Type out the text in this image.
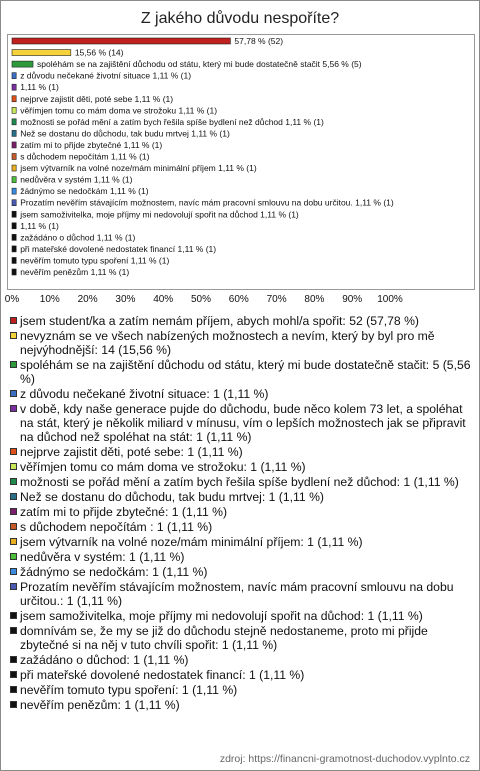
Z jakého důvodu nespoříte?
57,78 % (52)
15,56 % (14)
spoléhám se na zajištění důchodu od státu, který mi bude dostatečně stačit 5,56 % (5)
z důvodu nečekané životní situace 1,11 % (1)
1,11 % (1)
nejprve zajistit děti, poté sebe 1,11 % (1)
věřímjen tomu co mám doma ve strožoku 1,11 % (1)
možnosti se pořád mění a zatím bych řešila spíše bydlení než důchod 1,11 % (1)
Než se dostanu do důchodu, tak budu mrtvej 1,11 % (1)
zatím mi to přijde zbytečné 1,11 % (1)
s důchodem nepočítám 1,11 % (1)
jsem výtvarník na volné noze/mám minimální příjem 1,11 % (1)
nedůvěra v systém 1,11 % (1)
žádnýmo se nedočkám 1,11 % (1)
Prozatím nevěřím stávajícím možnostem, navíc mám pracovní smlouvu na dobu určitou. 1,11 % (1)
jsem samoživitelka, moje příjmy mi nedovolují spořit na důchod 1,11 % (1)
1,11 % (1)
zažádáno o důchod 1,11 % (1)
při mateřské dovolené nedostatek financí 1,11 % (1)
nevěřím tomuto typu spoření 1,11 % (1)
nevěřím penězům 1,11 % (1)
0% 10% 20% 30% 40% 50% 60% 70% 80% 90% 100%
jsem student/ka a zatím nemám příjem, abych mohl/a spořit: 52 (57,78 %)
nevyznám se ve všech nabízených možnostech a nevím, který by byl pro mě nejvýhodnější: 14 (15,56 %)
spoléhám se na zajištění důchodu od státu, který mi bude dostatečně stačit: 5 (5,56 %)
z důvodu nečekané životní situace: 1 (1,11 %)
v době, kdy naše generace pujde do důchodu, bude něco kolem 73 let, a spoléhat na stát, který je několik miliard v mínusu, vím o lepších možnostech jak se připravit na důchod než spoléhat na stát: 1 (1,11 %)
nejprve zajistit děti, poté sebe: 1 (1,11 %)
věřímjen tomu co mám doma ve strožoku: 1 (1,11 %)
možnosti se pořád mění a zatím bych řešila spíše bydlení než důchod: 1 (1,11 %)
Než se dostanu do důchodu, tak budu mrtvej: 1 (1,11 %)
zatím mi to přijde zbytečné: 1 (1,11 %)
s důchodem nepočítám : 1 (1,11 %)
jsem výtvarník na volné noze/mám minimální příjem: 1 (1,11 %)
nedůvěra v systém: 1 (1,11 %)
žádnýmo se nedočkám: 1 (1,11 %)
Prozatím nevěřím stávajícím možnostem, navíc mám pracovní smlouvu na dobu určitou.: 1 (1,11 %)
jsem samoživitelka, moje příjmy mi nedovolují spořit na důchod: 1 (1,11 %)
domnívám se, že my se již do důchodu stejně nedostaneme, proto mi přijde zbytečné si na něj v tuto chvíli spořit: 1 (1,11 %)
zažádáno o důchod: 1 (1,11 %)
při mateřské dovolené nedostatek financí: 1 (1,11 %)
nevěřím tomuto typu spoření: 1 (1,11 %)
nevěřím penězům: 1 (1,11 %)
zdroj: https://financni-gramotnost-duchodov.vyplnto.cz
